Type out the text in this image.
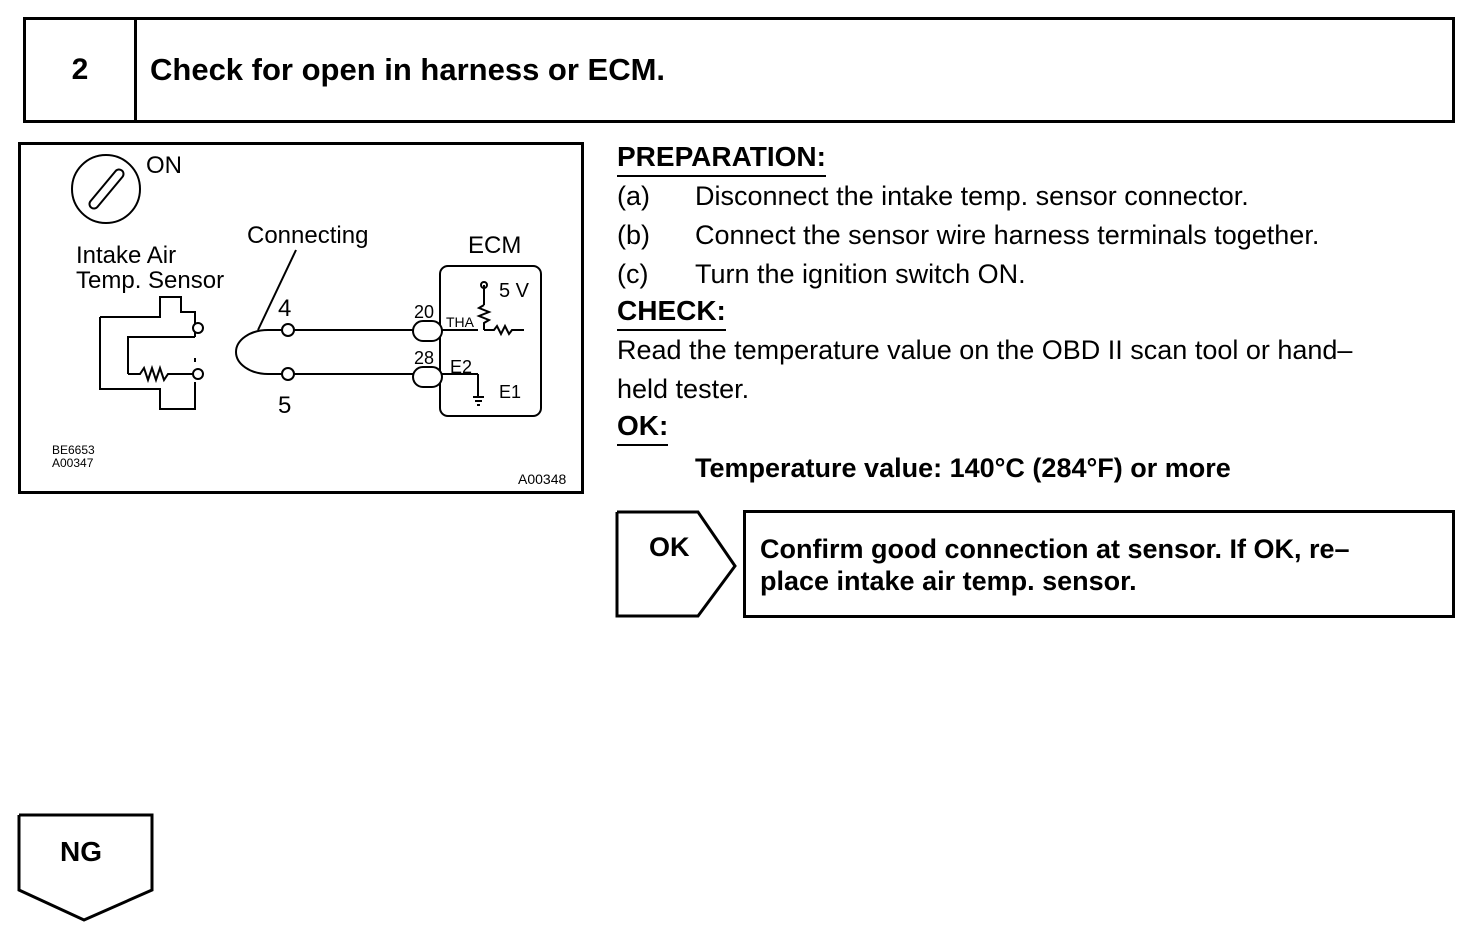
2	Check for open in harness or ECM.
ON
Intake Air
Temp. Sensor
Connecting	ECM
4
5
5 V
20
28
THA
E2
E1
BE6653
A00347
A00348
PREPARATION:
(a) Disconnect the intake temp. sensor connector.
(b) Connect the sensor wire harness terminals together.
(c) Turn the ignition switch ON.
CHECK:
Read the temperature value on the OBD II scan tool or hand–
held tester.
OK:
Temperature value: 140°C (284°F) or more
OK	Confirm good connection at sensor. If OK, re–
place intake air temp. sensor.
NG
